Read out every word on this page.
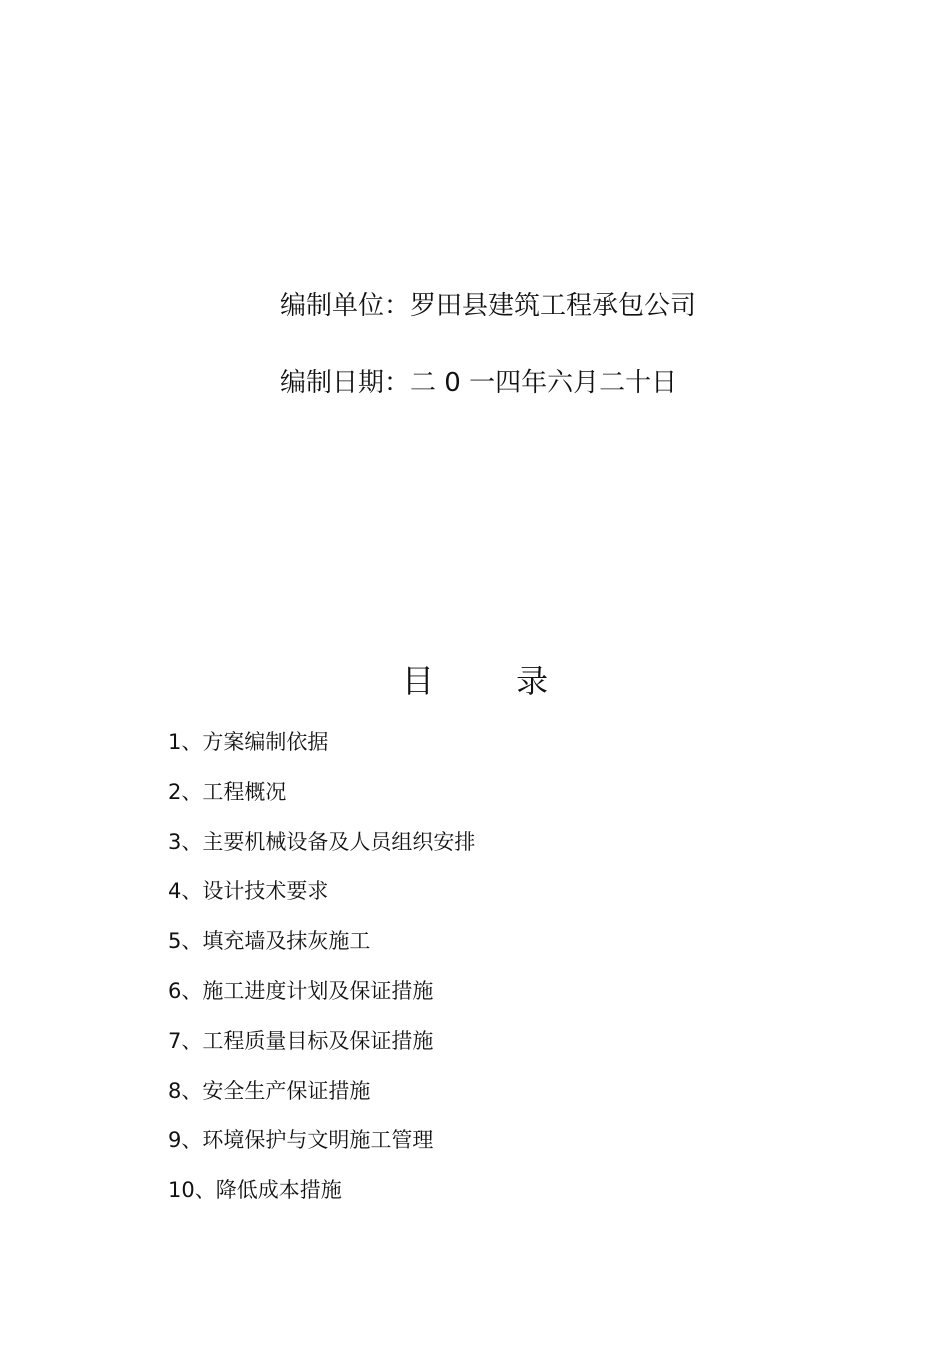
编制单位：罗田县建筑工程承包公司
编制日期：二 0 一四年六月二十日
目 录
1、方案编制依据
2、工程概况
3、主要机械设备及人员组织安排
4、设计技术要求
5、填充墙及抹灰施工
6、施工进度计划及保证措施
7、工程质量目标及保证措施
8、安全生产保证措施
9、环境保护与文明施工管理
10、降低成本措施
